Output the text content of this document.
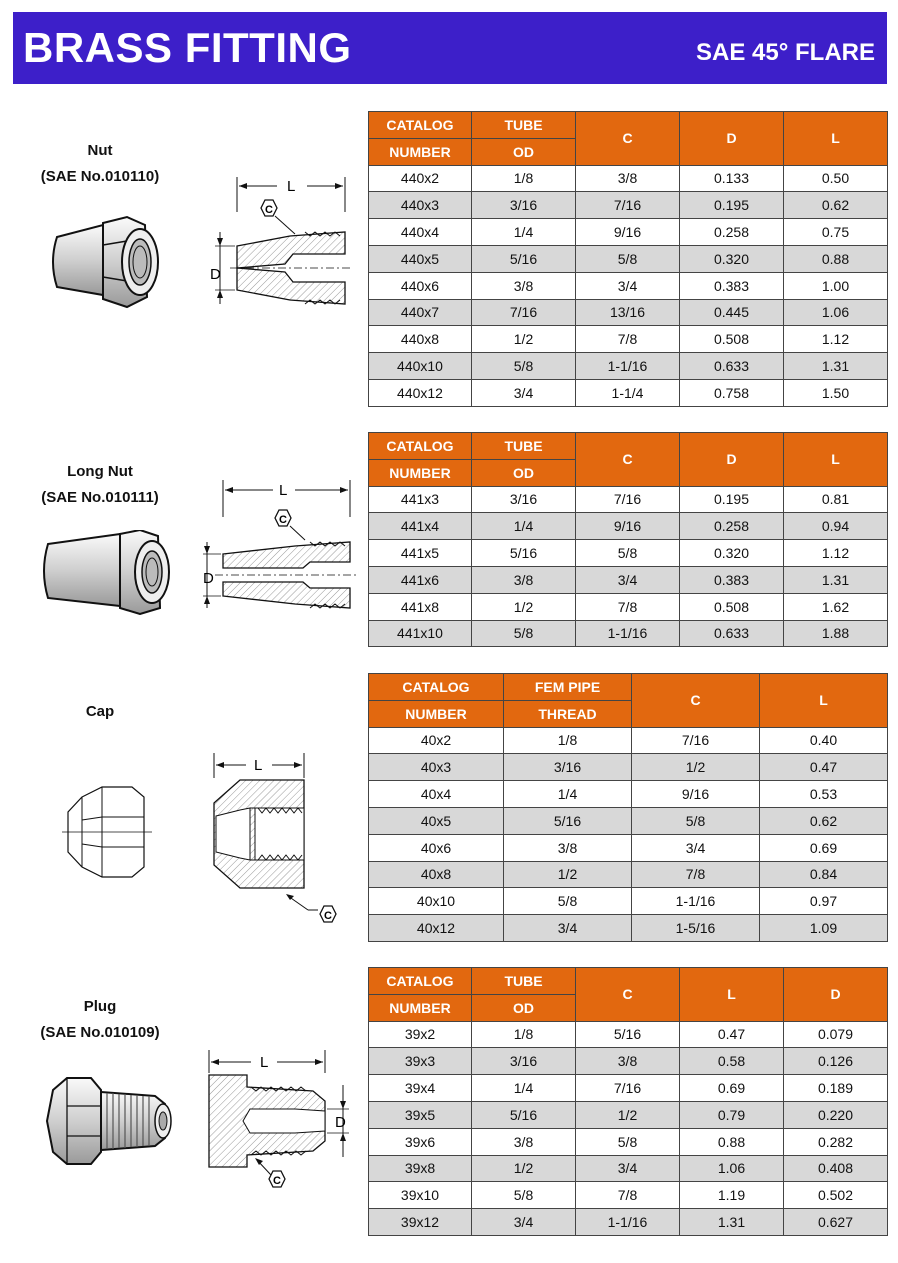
BRASS FITTING	SAE 45° FLARE
Nut
(SAE No.010110)
L
C
D
CATALOG	TUBE	C	D	L
NUMBER	OD			
440x2	1/8	3/8	0.133	0.50
440x3	3/16	7/16	0.195	0.62
440x4	1/4	9/16	0.258	0.75
440x5	5/16	5/8	0.320	0.88
440x6	3/8	3/4	0.383	1.00
440x7	7/16	13/16	0.445	1.06
440x8	1/2	7/8	0.508	1.12
440x10	5/8	1-1/16	0.633	1.31
440x12	3/4	1-1/4	0.758	1.50
Long Nut
(SAE No.010111)	L
C
D
CATALOG	TUBE	C	D	L
NUMBER	OD			
441x3	3/16	7/16	0.195	0.81
441x4	1/4	9/16	0.258	0.94
441x5	5/16	5/8	0.320	1.12
441x6	3/8	3/4	0.383	1.31
441x8	1/2	7/8	0.508	1.62
441x10	5/8	1-1/16	0.633	1.88
Cap
L
C
CATALOG	FEM PIPE	C	L
NUMBER	THREAD		
40x2	1/8	7/16	0.40
40x3	3/16	1/2	0.47
40x4	1/4	9/16	0.53
40x5	5/16	5/8	0.62
40x6	3/8	3/4	0.69
40x8	1/2	7/8	0.84
40x10	5/8	1-1/16	0.97
40x12	3/4	1-5/16	1.09
Plug
(SAE No.010109)
L
D
C
CATALOG	TUBE	C	L	D
NUMBER	OD			
39x2	1/8	5/16	0.47	0.079
39x3	3/16	3/8	0.58	0.126
39x4	1/4	7/16	0.69	0.189
39x5	5/16	1/2	0.79	0.220
39x6	3/8	5/8	0.88	0.282
39x8	1/2	3/4	1.06	0.408
39x10	5/8	7/8	1.19	0.502
39x12	3/4	1-1/16	1.31	0.627
